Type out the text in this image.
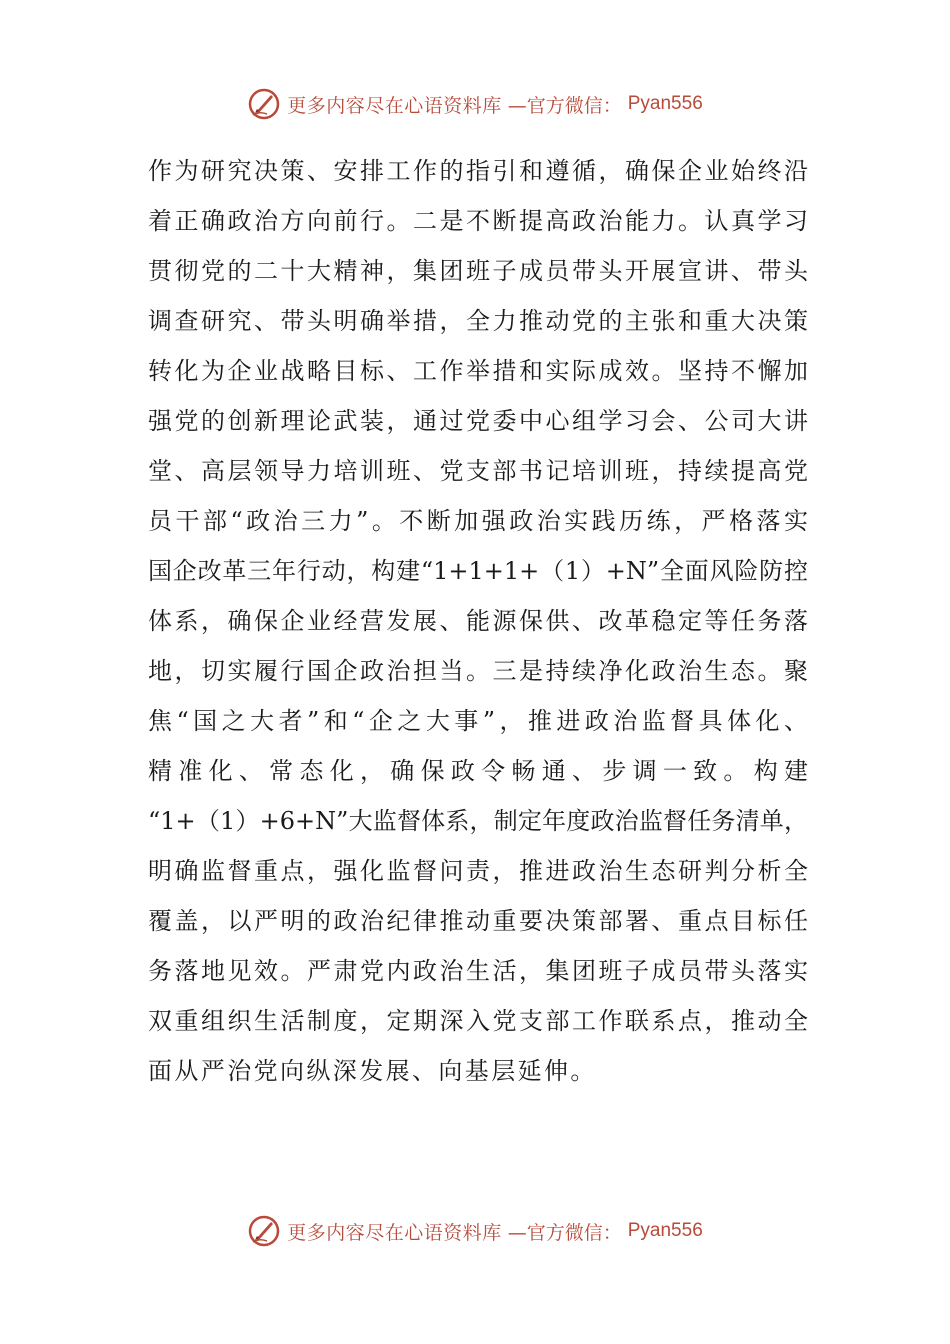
更多内容尽在心语资料库 —官方微信： Pyan556
作为研究决策、安排工作的指引和遵循，确保企业始终沿
着正确政治方向前行。二是不断提高政治能力。认真学习
贯彻党的二十大精神，集团班子成员带头开展宣讲、带头
调查研究、带头明确举措，全力推动党的主张和重大决策
转化为企业战略目标、工作举措和实际成效。坚持不懈加
强党的创新理论武装，通过党委中心组学习会、公司大讲
堂、高层领导力培训班、党支部书记培训班，持续提高党
员干部“政治三力”。不断加强政治实践历练，严格落实
国企改革三年行动，构建“1+1+1+（1）+N”全面风险防控
体系，确保企业经营发展、能源保供、改革稳定等任务落
地，切实履行国企政治担当。三是持续净化政治生态。聚
焦“国之大者”和“企之大事”，推进政治监督具体化、
精准化、常态化，确保政令畅通、步调一致。构建
“1+（1）+6+N”大监督体系，制定年度政治监督任务清单，
明确监督重点，强化监督问责，推进政治生态研判分析全
覆盖，以严明的政治纪律推动重要决策部署、重点目标任
务落地见效。严肃党内政治生活，集团班子成员带头落实
双重组织生活制度，定期深入党支部工作联系点，推动全
面从严治党向纵深发展、向基层延伸。
更多内容尽在心语资料库 —官方微信： Pyan556
